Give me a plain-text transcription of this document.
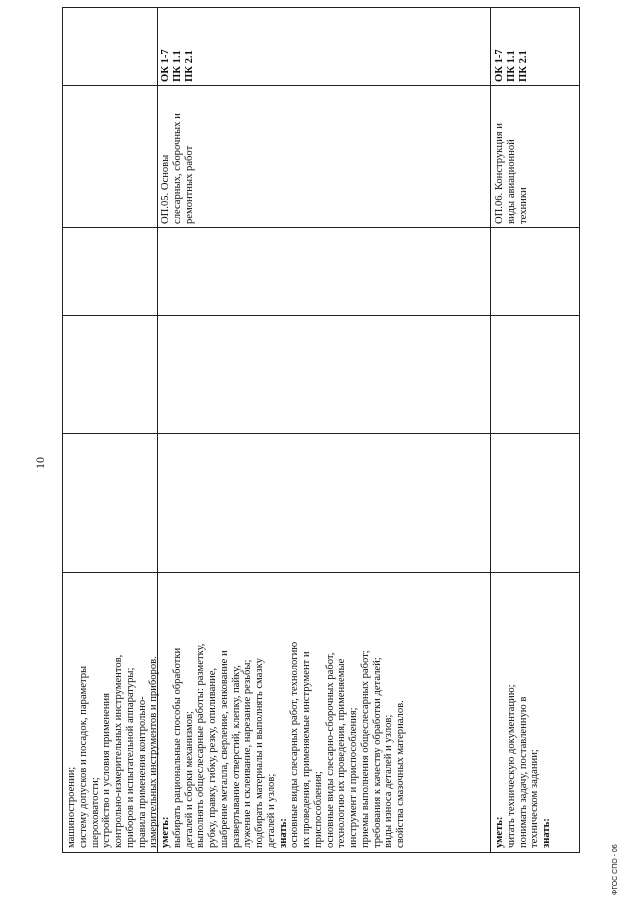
10
машиностроении; систему допусков и посадок, параметры шероховатости; устройство и условия применения контрольно-измерительных инструментов, приборов и испытательной аппаратуры; правила применения контрольно- измерительных инструментов и приборов. уметь: выбирать рациональные способы обработки деталей и сборки механизмов; выполнять общеслесарные работы: разметку, рубку, правку, гибку, резку, опиливание, шабрение металла, сверление, зенкование и развертывание отверстий, клепку, пайку, лужение и склеивание, нарезание резьбы; подбирать материалы и выполнять смазку деталей и узлов; знать: основные виды слесарных работ, технологию их проведения, применяемые инструмент и приспособления; основные виды слесарно-сборочных работ, технологию их проведения, применяемые инструмент и приспособления; приемы выполнения общеслесарных работ; требования к качеству обработки деталей; виды износа деталей и узлов; свойства смазочных материалов.
ОП.05. Основы слесарных, сборочных и ремонтных работ
ОК 1-7 ПК 1.1 ПК 2.1
уметь: читать техническую документацию; понимать задачу, поставленную в техническом задании; знать:
ОП.06. Конструкция и виды авиационной техники
ОК 1-7 ПК 1.1 ПК 2.1
ФГОС СПО - 06
